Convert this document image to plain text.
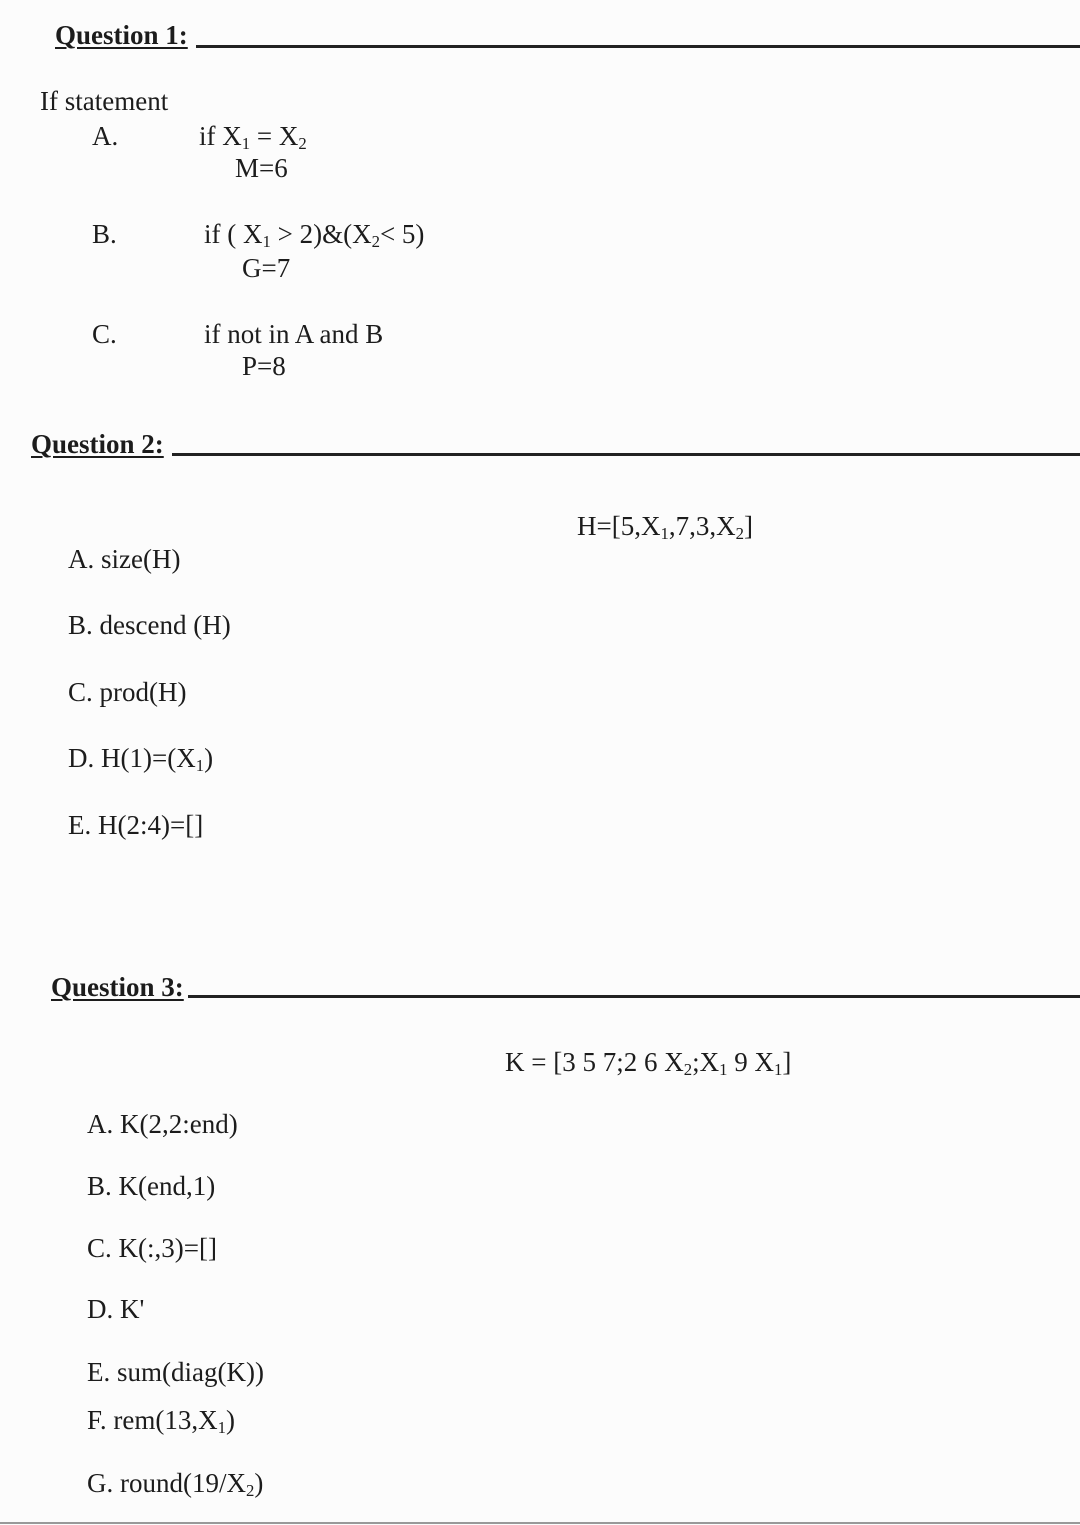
Question 1:
If statement
A.	if $X_1 = X_2$
M=6
B.	if ( $X_1$ > $2)\&(X_2< 5)$
G=7
C.	if not in A and B
P=8
Question 2:
$H=[5,X_1,7,3,X_2]$
A. size(H)
B. descend (H)
C. prod(H)
D. $H(1)=(X_1)$
E. H(2:4)=[]
Question 3:
K = [3 5 7;2 6 $X_2;X_1$ 9 $X_1$]
A. K(2,2:end)
B. K(end,1)
C. K(:,3)=[]
D. K'
E. sum(diag(K))
F. $rem(13,X_1)$
G. $round(19/X_2)$
